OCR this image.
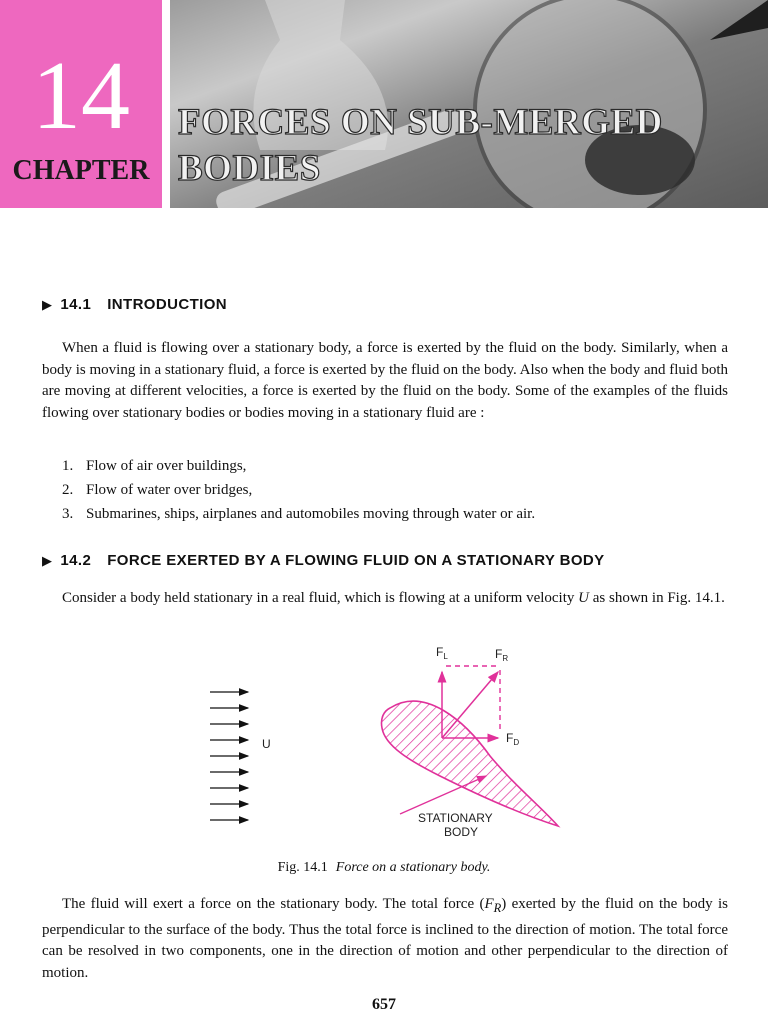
14
CHAPTER
FORCES ON SUB-MERGED
BODIES
▶ 14.1 INTRODUCTION

When a fluid is flowing over a stationary body, a force is exerted by the fluid on the body. Similarly, when a body is moving in a stationary fluid, a force is exerted by the fluid on the body. Also when the body and fluid both are moving at different velocities, a force is exerted by the fluid on the body. Some of the examples of the fluids flowing over stationary bodies or bodies moving in a stationary fluid are :

1. Flow of air over buildings,
2. Flow of water over bridges,
3. Submarines, ships, airplanes and automobiles moving through water or air.
▶ 14.2 FORCE EXERTED BY A FLOWING FLUID ON A STATIONARY BODY

Consider a body held stationary in a real fluid, which is flowing at a uniform velocity U as shown in Fig. 14.1.

U
$F_L$	$F_R$
$F_D$
STATIONARY
BODY
Fig. 14.1 Force on a stationary body.

The fluid will exert a force on the stationary body. The total force $(F_R)$ exerted by the fluid on the body is perpendicular to the surface of the body. Thus the total force is inclined to the direction of motion. The total force can be resolved in two components, one in the direction of motion and other perpendicular to the direction of motion.

657
